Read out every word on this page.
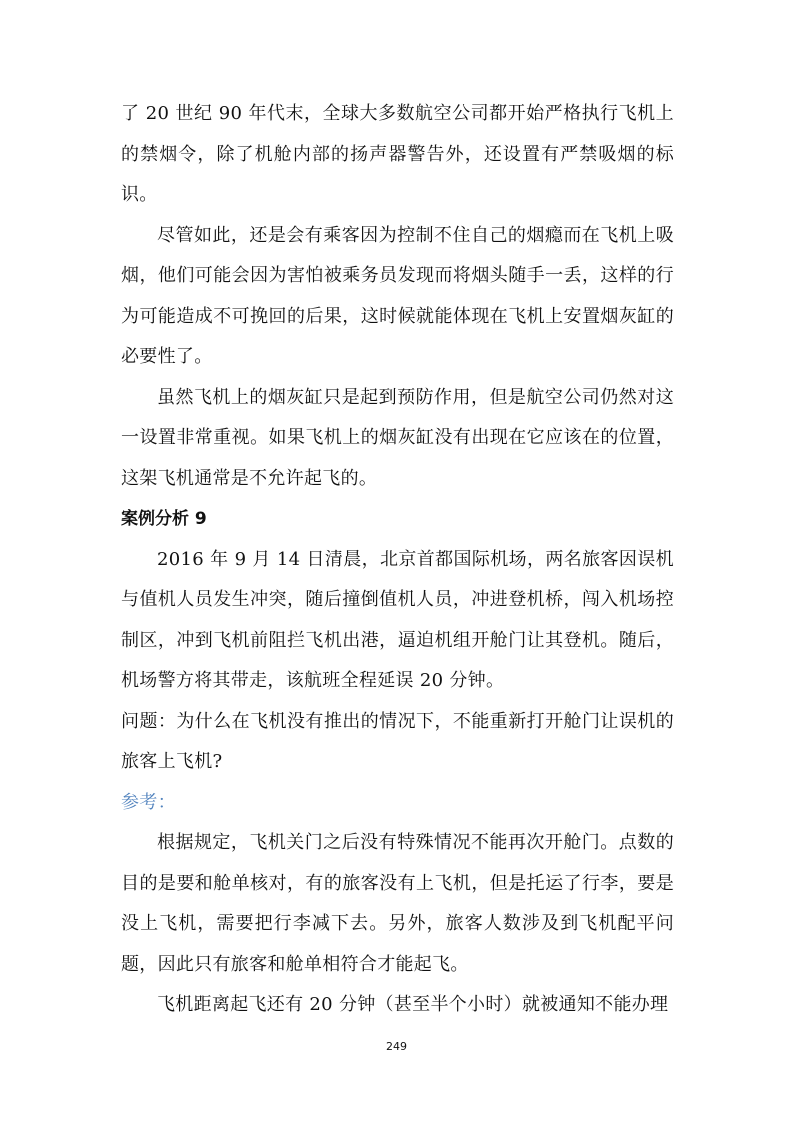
了 20 世纪 90 年代末，全球大多数航空公司都开始严格执行飞机上的禁烟令，除了机舱内部的扬声器警告外，还设置有严禁吸烟的标识。

尽管如此，还是会有乘客因为控制不住自己的烟瘾而在飞机上吸烟，他们可能会因为害怕被乘务员发现而将烟头随手一丢，这样的行为可能造成不可挽回的后果，这时候就能体现在飞机上安置烟灰缸的必要性了。

虽然飞机上的烟灰缸只是起到预防作用，但是航空公司仍然对这一设置非常重视。如果飞机上的烟灰缸没有出现在它应该在的位置，这架飞机通常是不允许起飞的。

案例分析 9

2016 年 9 月 14 日清晨，北京首都国际机场，两名旅客因误机与值机人员发生冲突，随后撞倒值机人员，冲进登机桥，闯入机场控制区，冲到飞机前阻拦飞机出港，逼迫机组开舱门让其登机。随后，机场警方将其带走，该航班全程延误 20 分钟。

问题：为什么在飞机没有推出的情况下，不能重新打开舱门让误机的旅客上飞机?

参考：

根据规定，飞机关门之后没有特殊情况不能再次开舱门。点数的目的是要和舱单核对，有的旅客没有上飞机，但是托运了行李，要是没上飞机，需要把行李减下去。另外，旅客人数涉及到飞机配平问题，因此只有旅客和舱单相符合才能起飞。

飞机距离起飞还有 20 分钟（甚至半个小时）就被通知不能办理

249
